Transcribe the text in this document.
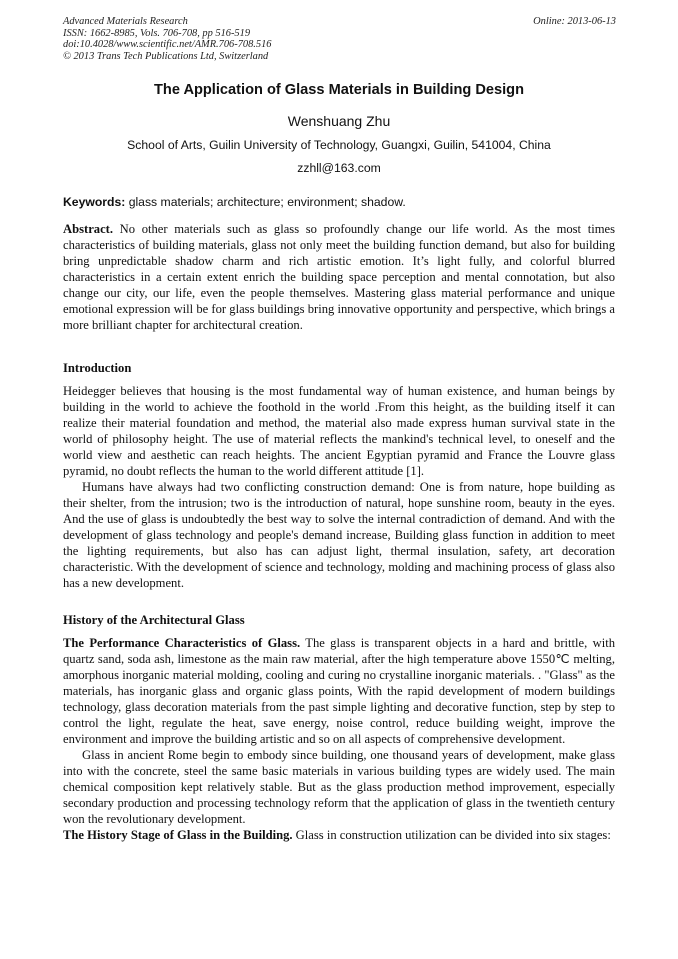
Advanced Materials Research
ISSN: 1662-8985, Vols. 706-708, pp 516-519
doi:10.4028/www.scientific.net/AMR.706-708.516
© 2013 Trans Tech Publications Ltd, Switzerland
Online: 2013-06-13
The Application of Glass Materials in Building Design
Wenshuang Zhu
School of Arts, Guilin University of Technology, Guangxi, Guilin, 541004, China
zzhll@163.com
Keywords: glass materials; architecture; environment; shadow.

Abstract. No other materials such as glass so profoundly change our life world. As the most times characteristics of building materials, glass not only meet the building function demand, but also for building bring unpredictable shadow charm and rich artistic emotion. It’s light fully, and colorful blurred characteristics in a certain extent enrich the building space perception and mental connotation, but also change our city, our life, even the people themselves. Mastering glass material performance and unique emotional expression will be for glass buildings bring innovative opportunity and perspective, which brings a more brilliant chapter for architectural creation.

Introduction

Heidegger believes that housing is the most fundamental way of human existence, and human beings by building in the world to achieve the foothold in the world .From this height, as the building itself it can realize their material foundation and method, the material also made express human survival state in the world of philosophy height. The use of material reflects the mankind's technical level, to oneself and the world view and aesthetic can reach heights. The ancient Egyptian pyramid and France the Louvre glass pyramid, no doubt reflects the human to the world different attitude [1].

Humans have always had two conflicting construction demand: One is from nature, hope building as their shelter, from the intrusion; two is the introduction of natural, hope sunshine room, beauty in the eyes. And the use of glass is undoubtedly the best way to solve the internal contradiction of demand. And with the development of glass technology and people's demand increase, Building glass function in addition to meet the lighting requirements, but also has can adjust light, thermal insulation, safety, art decoration characteristic. With the development of science and technology, molding and machining process of glass also has a new development.

History of the Architectural Glass

The Performance Characteristics of Glass. The glass is transparent objects in a hard and brittle, with quartz sand, soda ash, limestone as the main raw material, after the high temperature above 1550℃ melting, amorphous inorganic material molding, cooling and curing no crystalline inorganic materials. . "Glass" as the materials, has inorganic glass and organic glass points, With the rapid development of modern buildings technology, glass decoration materials from the past simple lighting and decorative function, step by step to control the light, regulate the heat, save energy, noise control, reduce building weight, improve the environment and improve the building artistic and so on all aspects of comprehensive development.

Glass in ancient Rome begin to embody since building, one thousand years of development, make glass into with the concrete, steel the same basic materials in various building types are widely used. The main chemical composition kept relatively stable. But as the glass production method improvement, especially secondary production and processing technology reform that the application of glass in the twentieth century won the revolutionary development.

The History Stage of Glass in the Building. Glass in construction utilization can be divided into six stages:
